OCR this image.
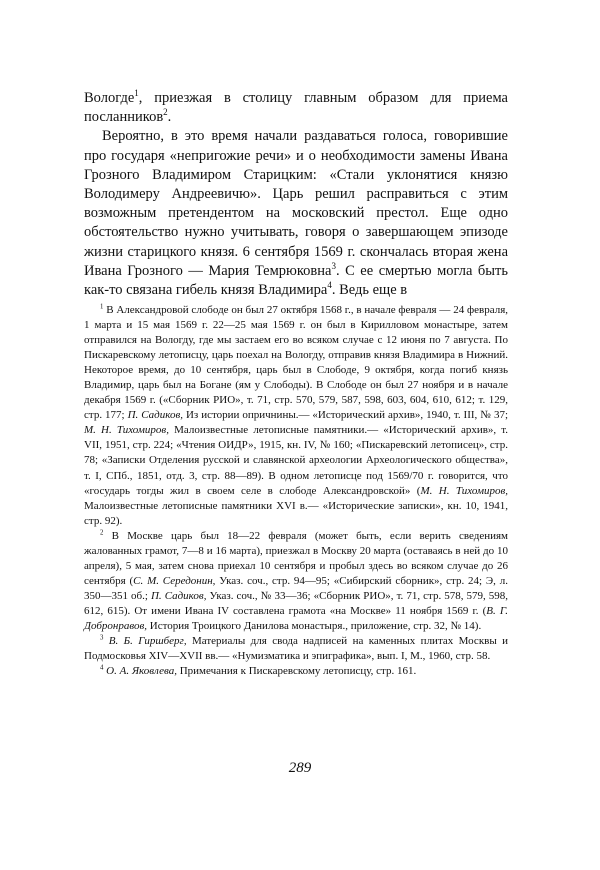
Вологде$^1$, приезжая в столицу главным образом для приема посланников$^2$.

Вероятно, в это время начали раздаваться голоса, говорившие про государя «непригожие речи» и о необходимости замены Ивана Грозного Владимиром Старицким: «Стали уклонятися князю Володимеру Андреевичю». Царь решил расправиться с этим возможным претендентом на московский престол. Еще одно обстоятельство нужно учитывать, говоря о завершающем эпизоде жизни старицкого князя. 6 сентября 1569 г. скончалась вторая жена Ивана Грозного — Мария Темрюковна$^3$. С ее смертью могла быть как-то связана гибель князя Владимира$^4$. Ведь еще в

$^1$ В Александровой слободе он был 27 октября 1568 г., в начале февраля — 24 февраля, 1 марта и 15 мая 1569 г. 22—25 мая 1569 г. он был в Кирилловом монастыре, затем отправился на Вологду, где мы застаем его во всяком случае с 12 июня по 7 августа. По Пискаревскому летописцу, царь поехал на Вологду, отправив князя Владимира в Нижний. Некоторое время, до 10 сентября, царь был в Слободе, 9 октября, когда погиб князь Владимир, царь был на Богане (ям у Слободы). В Слободе он был 27 ноября и в начале декабря 1569 г. («Сборник РИО», т. 71, стр. 570, 579, 587, 598, 603, 604, 610, 612; т. 129, стр. 177; П. Садиков, Из истории опричнины.— «Исторический архив», 1940, т. III, № 37; М. Н. Тихомиров, Малоизвестные летописные памятники.— «Исторический архив», т. VII, 1951, стр. 224; «Чтения ОИДР», 1915, кн. IV, № 160; «Пискаревский летописец», стр. 78; «Записки Отделения русской и славянской археологии Археологического общества», т. I, СПб., 1851, отд. 3, стр. 88—89). В одном летописце под 1569/70 г. говорится, что «государь тогды жил в своем селе в слободе Александровской» (М. Н. Тихомиров, Малоизвестные летописные памятники XVI в.— «Исторические записки», кн. 10, 1941, стр. 92).

$^2$ В Москве царь был 18—22 февраля (может быть, если верить сведениям жалованных грамот, 7—8 и 16 марта), приезжал в Москву 20 марта (оставаясь в ней до 10 апреля), 5 мая, затем снова приехал 10 сентября и пробыл здесь во всяком случае до 26 сентября (С. М. Середонин, Указ. соч., стр. 94—95; «Сибирский сборник», стр. 24; Э, л. 350—351 об.; П. Садиков, Указ. соч., № 33—36; «Сборник РИО», т. 71, стр. 578, 579, 598, 612, 615). От имени Ивана IV составлена грамота «на Москве» 11 ноября 1569 г. (В. Г. Добронравов, История Троицкого Данилова монастыря., приложение, стр. 32, № 14).

$^3$ В. Б. Гиршберг, Материалы для свода надписей на каменных плитах Москвы и Подмосковья XIV—XVII вв.— «Нумизматика и эпиграфика», вып. I, М., 1960, стр. 58.

$^4$ О. А. Яковлева, Примечания к Пискаревскому летописцу, стр. 161.

289
